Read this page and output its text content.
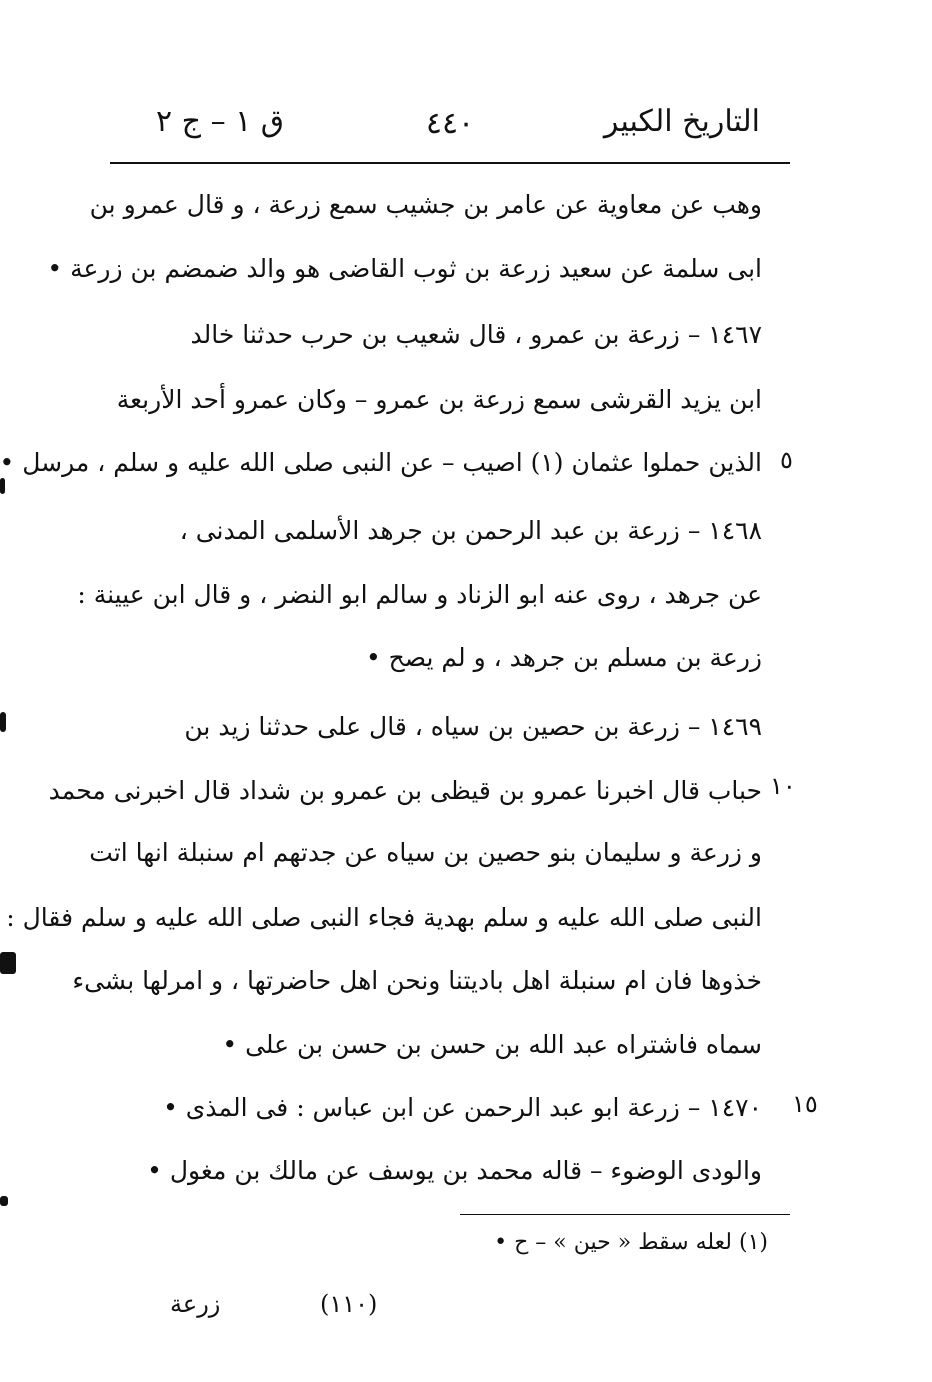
التاريخ الكبير
٤٤٠
ق ١ – ج ٢
وهب عن معاوية عن عامر بن جشيب سمع زرعة ، و قال عمرو بن
ابى سلمة عن سعيد زرعة بن ثوب القاضى هو والد ضمضم بن زرعة •
١٤٦٧ – زرعة بن عمرو ، قال شعيب بن حرب حدثنا خالد
ابن يزيد القرشى سمع زرعة بن عمرو – وكان عمرو أحد الأربعة
الذين حملوا عثمان (١) اصيب – عن النبى صلى الله عليه و سلم ، مرسل •
١٤٦٨ – زرعة بن عبد الرحمن بن جرهد الأسلمى المدنى ،
عن جرهد ، روى عنه ابو الزناد و سالم ابو النضر ، و قال ابن عيينة :
زرعة بن مسلم بن جرهد ، و لم يصح •
١٤٦٩ – زرعة بن حصين بن سياه ، قال على حدثنا زيد بن
حباب قال اخبرنا عمرو بن قيظى بن عمرو بن شداد قال اخبرنى محمد
و زرعة و سليمان بنو حصين بن سياه عن جدتهم ام سنبلة انها اتت
النبى صلى الله عليه و سلم بهدية فجاء النبى صلى الله عليه و سلم فقال :
خذوها فان ام سنبلة اهل باديتنا ونحن اهل حاضرتها ، و امرلها بشىء
سماه فاشتراه عبد الله بن حسن بن حسن بن على •
١٤٧٠ – زرعة ابو عبد الرحمن عن ابن عباس : فى المذى •
والودى الوضوء – قاله محمد بن يوسف عن مالك بن مغول •
٥
١٠
١٥
(١) لعله سقط « حين » – ح •
(١١٠)
زرعة
